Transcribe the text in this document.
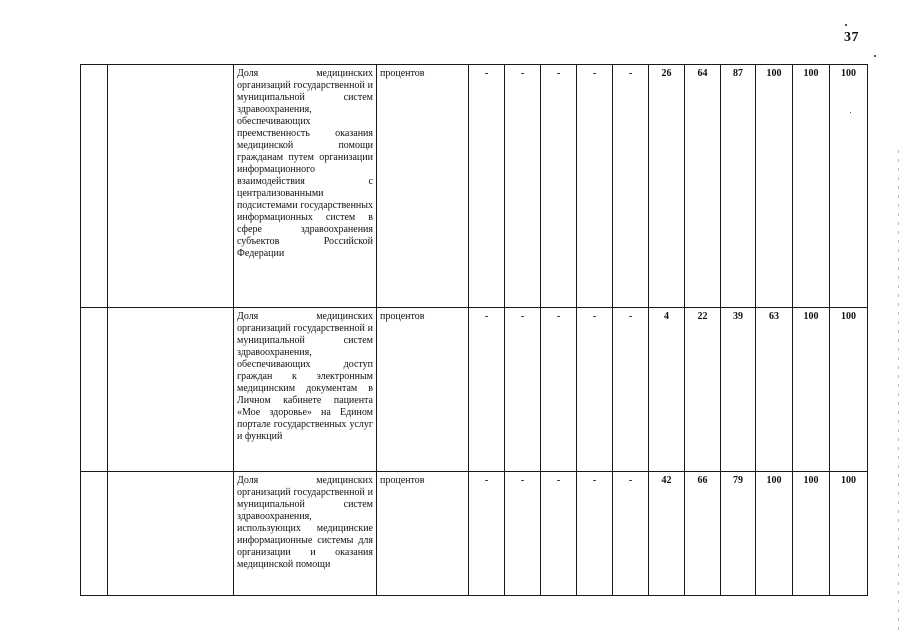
37
		Доля медицинских организаций государственной и муниципальной систем здравоохранения, обеспечивающих преемственность оказания медицинской помощи гражданам путем организации информационного взаимодействия с централизованными подсистемами государственных информационных систем в сфере здравоохранения субъектов Российской Федерации	процентов	-	-	-	-	-	26	64	87	100	100	100
		Доля медицинских организаций государственной и муниципальной систем здравоохранения, обеспечивающих доступ граждан к электронным медицинским документам в Личном кабинете пациента «Мое здоровье» на Едином портале государственных услуг и функций	процентов	-	-	-	-	-	4	22	39	63	100	100
		Доля медицинских организаций государственной и муниципальной систем здравоохранения, использующих медицинские информационные системы для организации и оказания медицинской помощи	процентов	-	-	-	-	-	42	66	79	100	100	100
